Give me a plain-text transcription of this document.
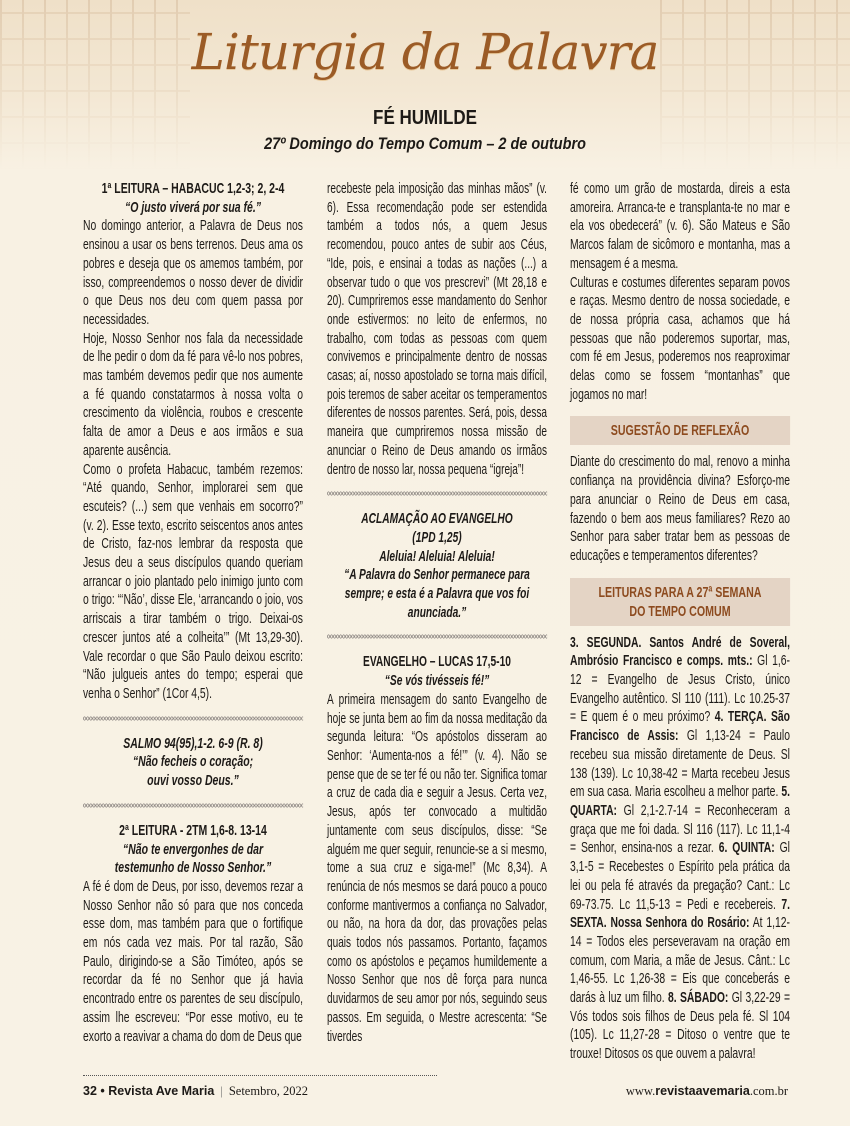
Liturgia da Palavra
FÉ HUMILDE
27º Domingo do Tempo Comum – 2 de outubro
1ª LEITURA – HABACUC 1,2-3; 2, 2-4
“O justo viverá por sua fé.”

No domingo anterior, a Palavra de Deus nos ensinou a usar os bens terrenos. Deus ama os pobres e deseja que os amemos também, por isso, compreendemos o nosso dever de dividir o que Deus nos deu com quem passa por necessidades.

Hoje, Nosso Senhor nos fala da necessidade de lhe pedir o dom da fé para vê-lo nos pobres, mas também devemos pedir que nos aumente a fé quando constatarmos à nossa volta o crescimento da violência, roubos e crescente falta de amor a Deus e aos irmãos e sua aparente ausência.

Como o profeta Habacuc, também rezemos: “Até quando, Senhor, implorarei sem que escuteis? (...) sem que venhais em socorro?” (v. 2). Esse texto, escrito seiscentos anos antes de Cristo, faz-nos lembrar da resposta que Jesus deu a seus discípulos quando queriam arrancar o joio plantado pelo inimigo junto com o trigo: “‘Não’, disse Ele, ‘arrancando o joio, vos arriscais a tirar também o trigo. Deixai-os crescer juntos até a colheita’” (Mt 13,29-30). Vale recordar o que São Paulo deixou escrito: “Não julgueis antes do tempo; esperai que venha o Senhor” (1Cor 4,5).

SALMO 94(95),1-2. 6-9 (R. 8)
“Não fecheis o coração;
ouvi vosso Deus.”
2ª LEITURA - 2TM 1,6-8. 13-14
“Não te envergonhes de dar
testemunho de Nosso Senhor.”

A fé é dom de Deus, por isso, devemos rezar a Nosso Senhor não só para que nos conceda esse dom, mas também para que o fortifique em nós cada vez mais. Por tal razão, São Paulo, dirigindo-se a São Timóteo, após se recordar da fé no Senhor que já havia encontrado entre os parentes de seu discípulo, assim lhe escreveu: “Por esse motivo, eu te exorto a reavivar a chama do dom de Deus que

recebeste pela imposição das minhas mãos” (v. 6). Essa recomendação pode ser estendida também a todos nós, a quem Jesus recomendou, pouco antes de subir aos Céus, “Ide, pois, e ensinai a todas as nações (...) a observar tudo o que vos prescrevi” (Mt 28,18 e 20). Cumpriremos esse mandamento do Senhor onde estivermos: no leito de enfermos, no trabalho, com todas as pessoas com quem convivemos e principalmente dentro de nossas casas; aí, nosso apostolado se torna mais difícil, pois teremos de saber aceitar os temperamentos diferentes de nossos parentes. Será, pois, dessa maneira que cumpriremos nossa missão de anunciar o Reino de Deus amando os irmãos dentro de nosso lar, nossa pequena “igreja”!

ACLAMAÇÃO AO EVANGELHO
(1PD 1,25)
Aleluia! Aleluia! Aleluia!
“A Palavra do Senhor permanece para sempre; e esta é a Palavra que vos foi anunciada.”
EVANGELHO – LUCAS 17,5-10
“Se vós tivésseis fé!”

A primeira mensagem do santo Evangelho de hoje se junta bem ao fim da nossa meditação da segunda leitura: “Os apóstolos disseram ao Senhor: ‘Aumenta-nos a fé!’” (v. 4). Não se pense que de se ter fé ou não ter. Significa tomar a cruz de cada dia e seguir a Jesus. Certa vez, Jesus, após ter convocado a multidão juntamente com seus discípulos, disse: “Se alguém me quer seguir, renuncie-se a si mesmo, tome a sua cruz e siga-me!” (Mc 8,34). A renúncia de nós mesmos se dará pouco a pouco conforme mantivermos a confiança no Salvador, ou não, na hora da dor, das provações pelas quais todos nós passamos. Portanto, façamos como os apóstolos e peçamos humildemente a Nosso Senhor que nos dê força para nunca duvidarmos de seu amor por nós, seguindo seus passos. Em seguida, o Mestre acrescenta: “Se tiverdes

fé como um grão de mostarda, direis a esta amoreira. Arranca-te e transplanta-te no mar e ela vos obedecerá” (v. 6). São Mateus e São Marcos falam de sicômoro e montanha, mas a mensagem é a mesma.

Culturas e costumes diferentes separam povos e raças. Mesmo dentro de nossa sociedade, e de nossa própria casa, achamos que há pessoas que não poderemos suportar, mas, com fé em Jesus, poderemos nos reaproximar delas como se fossem “montanhas” que jogamos no mar!

SUGESTÃO DE REFLEXÃO

Diante do crescimento do mal, renovo a minha confiança na providência divina? Esforço-me para anunciar o Reino de Deus em casa, fazendo o bem aos meus familiares? Rezo ao Senhor para saber tratar bem as pessoas de educações e temperamentos diferentes?

LEITURAS PARA A 27ª SEMANA
DO TEMPO COMUM

3. SEGUNDA. Santos André de Soveral, Ambrósio Francisco e comps. mts.: Gl 1,6-12 = Evangelho de Jesus Cristo, único Evangelho autêntico. Sl 110 (111). Lc 10.25-37 = E quem é o meu próximo? 4. TERÇA. São Francisco de Assis: Gl 1,13-24 = Paulo recebeu sua missão diretamente de Deus. Sl 138 (139). Lc 10,38-42 = Marta recebeu Jesus em sua casa. Maria escolheu a melhor parte. 5. QUARTA: Gl 2,1-2.7-14 = Reconheceram a graça que me foi dada. Sl 116 (117). Lc 11,1-4 = Senhor, ensina-nos a rezar. 6. QUINTA: Gl 3,1-5 = Recebestes o Espírito pela prática da lei ou pela fé através da pregação? Cant.: Lc 69-73.75. Lc 11,5-13 = Pedi e recebereis. 7. SEXTA. Nossa Senhora do Rosário: At 1,12-14 = Todos eles perseveravam na oração em comum, com Maria, a mãe de Jesus. Cânt.: Lc 1,46-55. Lc 1,26-38 = Eis que conceberás e darás à luz um filho. 8. SÁBADO: Gl 3,22-29 = Vós todos sois filhos de Deus pela fé. Sl 104 (105). Lc 11,27-28 = Ditoso o ventre que te trouxe! Ditosos os que ouvem a palavra!

32 • Revista Ave Maria | Setembro, 2022	www.revistaavemaria.com.br
